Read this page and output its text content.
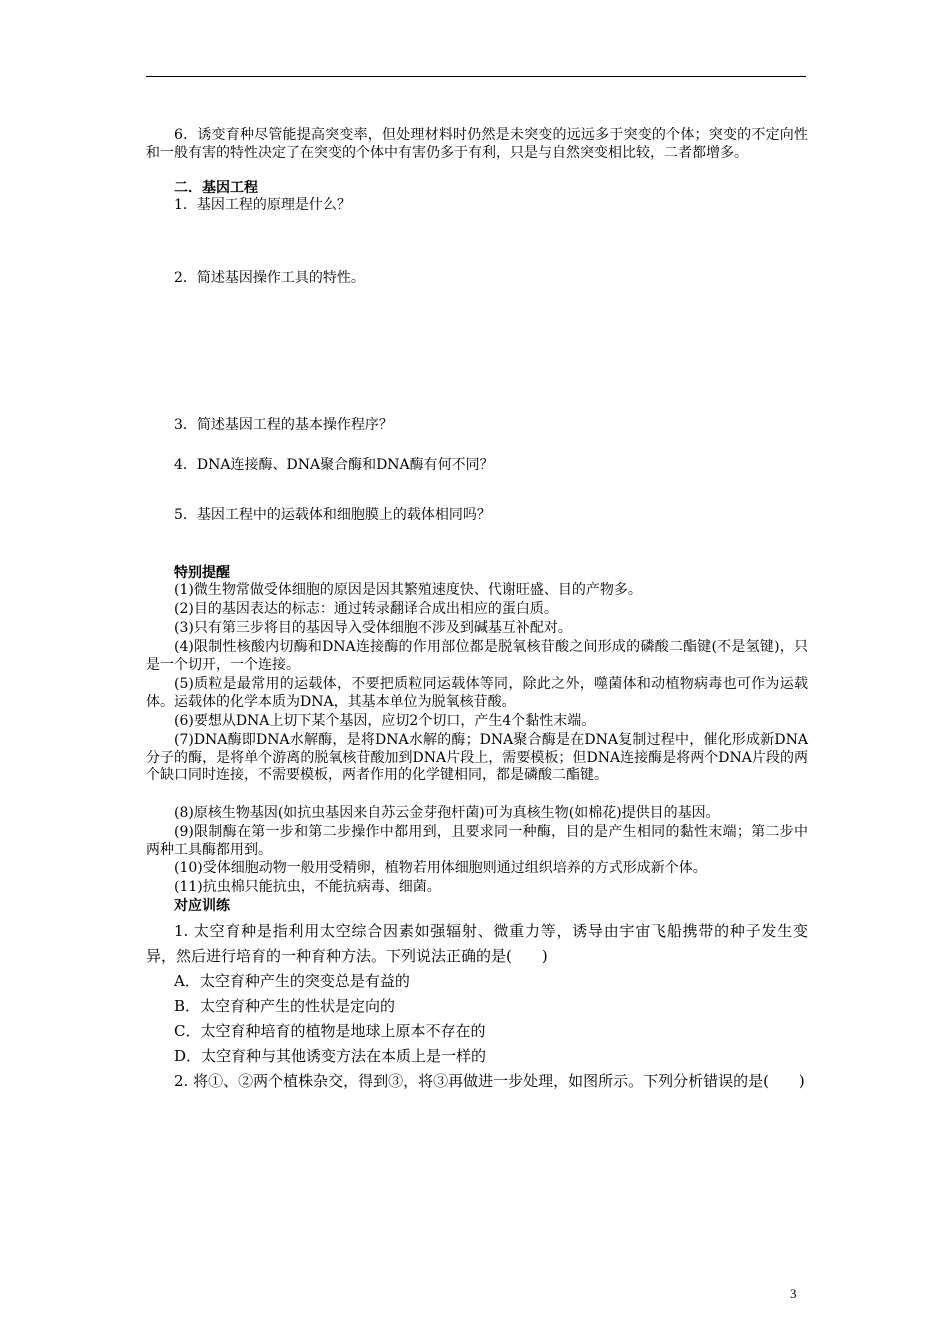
6．诱变育种尽管能提高突变率，但处理材料时仍然是未突变的远远多于突变的个体；突变的不定向性和一般有害的特性决定了在突变的个体中有害仍多于有利，只是与自然突变相比较，二者都增多。
二．基因工程
1．基因工程的原理是什么？
2．简述基因操作工具的特性。
3．简述基因工程的基本操作程序？
4．DNA连接酶、DNA聚合酶和DNA酶有何不同？
5．基因工程中的运载体和细胞膜上的载体相同吗？
特别提醒
(1)微生物常做受体细胞的原因是因其繁殖速度快、代谢旺盛、目的产物多。
(2)目的基因表达的标志：通过转录翻译合成出相应的蛋白质。
(3)只有第三步将目的基因导入受体细胞不涉及到碱基互补配对。
(4)限制性核酸内切酶和DNA连接酶的作用部位都是脱氧核苷酸之间形成的磷酸二酯键(不是氢键)，只是一个切开，一个连接。
(5)质粒是最常用的运载体，不要把质粒同运载体等同，除此之外，噬菌体和动植物病毒也可作为运载体。运载体的化学本质为DNA，其基本单位为脱氧核苷酸。
(6)要想从DNA上切下某个基因，应切2个切口，产生4个黏性末端。
(7)DNA酶即DNA水解酶，是将DNA水解的酶；DNA聚合酶是在DNA复制过程中，催化形成新DNA分子的酶，是将单个游离的脱氧核苷酸加到DNA片段上，需要模板；但DNA连接酶是将两个DNA片段的两个缺口同时连接，不需要模板，两者作用的化学键相同，都是磷酸二酯键。
(8)原核生物基因(如抗虫基因来自苏云金芽孢杆菌)可为真核生物(如棉花)提供目的基因。
(9)限制酶在第一步和第二步操作中都用到，且要求同一种酶，目的是产生相同的黏性末端；第二步中两种工具酶都用到。
(10)受体细胞动物一般用受精卵，植物若用体细胞则通过组织培养的方式形成新个体。
(11)抗虫棉只能抗虫，不能抗病毒、细菌。
对应训练
1. 太空育种是指利用太空综合因素如强辐射、微重力等，诱导由宇宙飞船携带的种子发生变异，然后进行培育的一种育种方法。下列说法正确的是(　　)
A．太空育种产生的突变总是有益的
B．太空育种产生的性状是定向的
C．太空育种培育的植物是地球上原本不存在的
D．太空育种与其他诱变方法在本质上是一样的
2. 将①、②两个植株杂交，得到③，将③再做进一步处理，如图所示。下列分析错误的是(　　)
3
